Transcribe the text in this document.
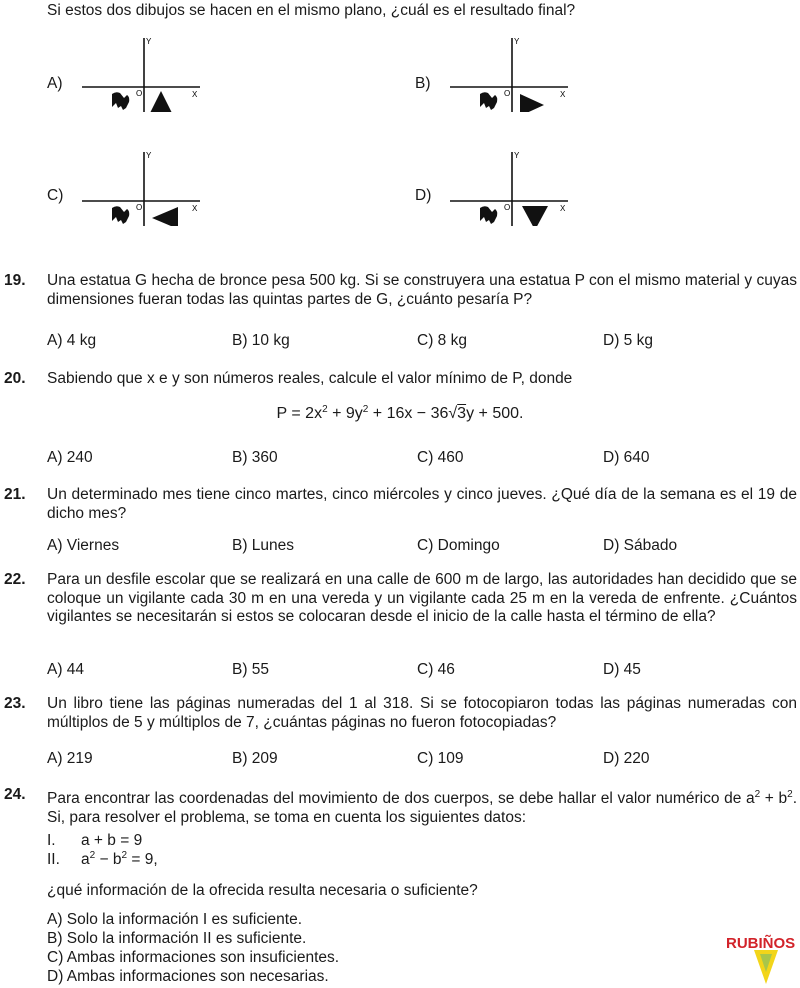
Si estos dos dibujos se hacen en el mismo plano, ¿cuál es el resultado final?
A)	B)
C)	D)
Y
X
O
Y
X
O
Y
X
O
Y
X
O
19. Una estatua G hecha de bronce pesa 500 kg. Si se construyera una estatua P con el mismo material y cuyas dimensiones fueran todas las quintas partes de G, ¿cuánto pesaría P?
A) 4 kg	B) 10 kg	C) 8 kg	D) 5 kg
20. Sabiendo que x e y son números reales, calcule el valor mínimo de P, donde
$P = 2x^2 + 9y^2 + 16x - 36√3y + 500$.
A) 240	B) 360	C) 460	D) 640
21. Un determinado mes tiene cinco martes, cinco miércoles y cinco jueves. ¿Qué día de la semana es el 19 de dicho mes?
A) Viernes	B) Lunes	C) Domingo	D) Sábado
22. Para un desfile escolar que se realizará en una calle de 600 m de largo, las autoridades han decidido que se coloque un vigilante cada 30 m en una vereda y un vigilante cada 25 m en la vereda de enfrente. ¿Cuántos vigilantes se necesitarán si estos se colocaran desde el inicio de la calle hasta el término de ella?
A) 44	B) 55	C) 46	D) 45
23. Un libro tiene las páginas numeradas del 1 al 318. Si se fotocopiaron todas las páginas numeradas con múltiplos de 5 y múltiplos de 7, ¿cuántas páginas no fueron fotocopiadas?
A) 219	B) 209	C) 109	D) 220
24. Para encontrar las coordenadas del movimiento de dos cuerpos, se debe hallar el valor numérico de $a^2 + b^2$. Si, para resolver el problema, se toma en cuenta los siguientes datos:
I. a + b = 9
II. $a^2 - b^2 = 9$,
¿qué información de la ofrecida resulta necesaria o suficiente?
A) Solo la información I es suficiente.
B) Solo la información II es suficiente.
C) Ambas informaciones son insuficientes.
D) Ambas informaciones son necesarias.
RUBIÑOS
